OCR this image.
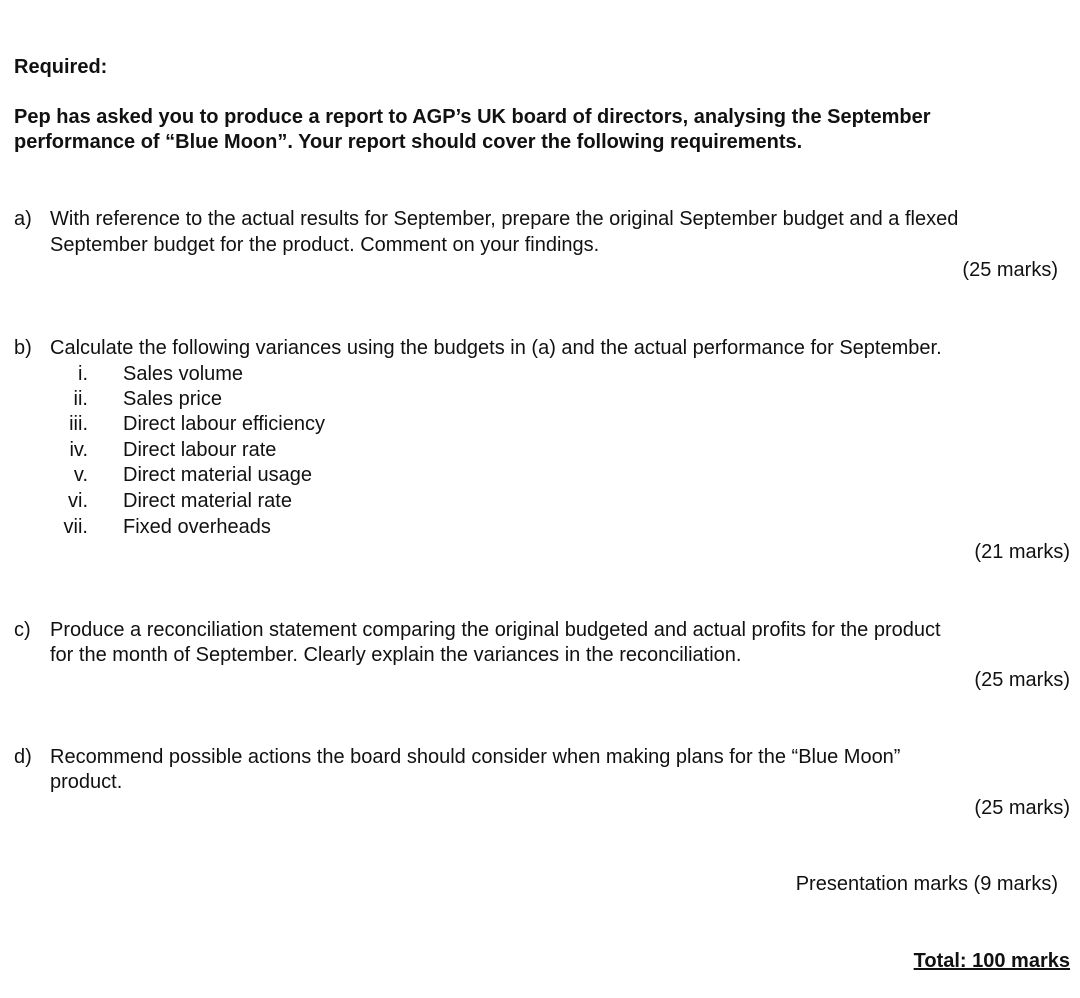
Required:
Pep has asked you to produce a report to AGP’s UK board of directors, analysing the September
performance of “Blue Moon”. Your report should cover the following requirements.
a) With reference to the actual results for September, prepare the original September budget and a flexed
September budget for the product. Comment on your findings.
(25 marks)
b) Calculate the following variances using the budgets in (a) and the actual performance for September.
i. Sales volume
ii. Sales price
iii. Direct labour efficiency
iv. Direct labour rate
v. Direct material usage
vi. Direct material rate
vii. Fixed overheads
(21 marks)
c) Produce a reconciliation statement comparing the original budgeted and actual profits for the product
for the month of September. Clearly explain the variances in the reconciliation.
(25 marks)
d) Recommend possible actions the board should consider when making plans for the “Blue Moon”
product.
(25 marks)
Presentation marks (9 marks)
Total: 100 marks
